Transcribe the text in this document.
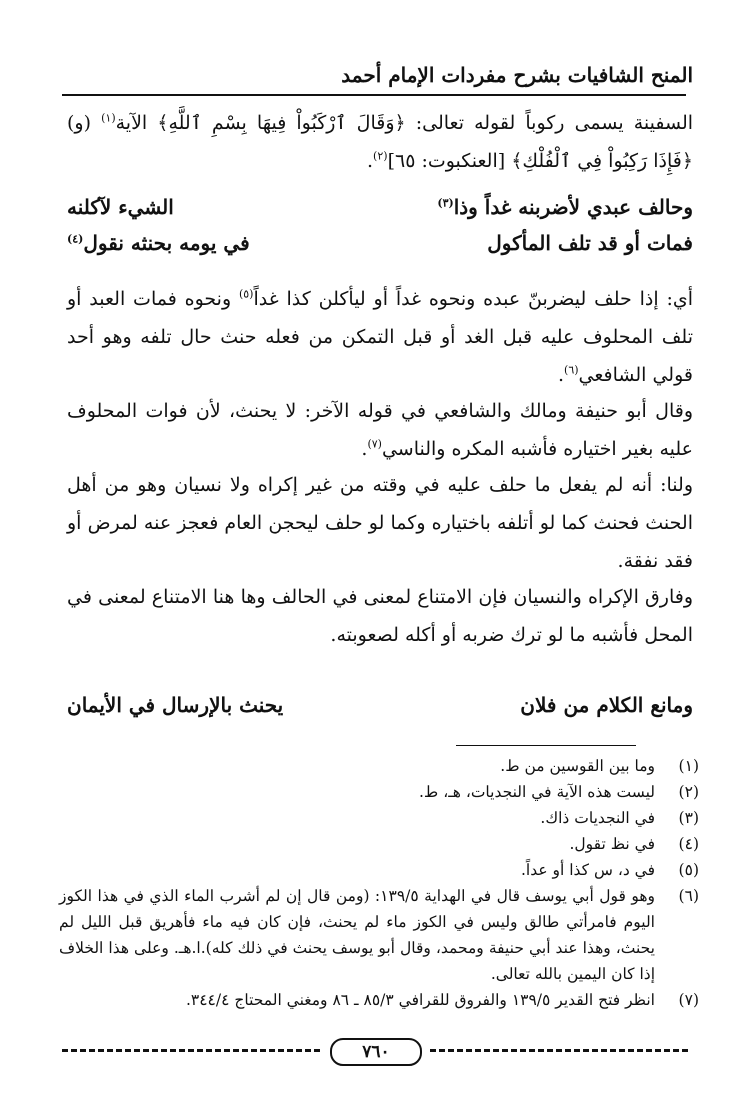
المنح الشافيات بشرح مفردات الإمام أحمد
السفينة يسمى ركوباً لقوله تعالى: ﴿وَقَالَ ٱرْكَبُواْ فِيهَا بِسْمِ ٱللَّهِ﴾ الآية$^{(١)}$ (و) ﴿فَإِذَا رَكِبُواْ فِي ٱلْفُلْكِ﴾ [العنكبوت: ٦٥]$^{(٢)}$.
وحالف عبدي لأضربنه غداً وذا$^{(٣)}$
الشيء لآكلنه
فمات أو قد تلف المأكول
في يومه بحنثه نقول$^{(٤)}$
أي: إذا حلف ليضربنّ عبده ونحوه غداً أو ليأكلن كذا غداً$^{(٥)}$ ونحوه فمات العبد أو تلف المحلوف عليه قبل الغد أو قبل التمكن من فعله حنث حال تلفه وهو أحد قولي الشافعي$^{(٦)}$.
وقال أبو حنيفة ومالك والشافعي في قوله الآخر: لا يحنث، لأن فوات المحلوف عليه بغير اختياره فأشبه المكره والناسي$^{(٧)}$.
ولنا: أنه لم يفعل ما حلف عليه في وقته من غير إكراه ولا نسيان وهو من أهل الحنث فحنث كما لو أتلفه باختياره وكما لو حلف ليحجن العام فعجز عنه لمرض أو فقد نفقة.
وفارق الإكراه والنسيان فإن الامتناع لمعنى في الحالف وها هنا الامتناع لمعنى في المحل فأشبه ما لو ترك ضربه أو أكله لصعوبته.
ومانع الكلام من فلان
يحنث بالإرسال في الأيمان
(١)
وما بين القوسين من ط.
(٢)
ليست هذه الآية في النجديات، هـ، ط.
(٣)
في النجديات ذاك.
(٤)
في نظ تقول.
(٥)
في د، س كذا أو عداً.
(٦)
وهو قول أبي يوسف قال في الهداية ١٣٩/٥: (ومن قال إن لم أشرب الماء الذي في هذا الكوز اليوم فامرأتي طالق وليس في الكوز ماء لم يحنث، فإن كان فيه ماء فأهريق قبل الليل لم يحنث، وهذا عند أبي حنيفة ومحمد، وقال أبو يوسف يحنث في ذلك كله).ا.هـ. وعلى هذا الخلاف إذا كان اليمين بالله تعالى.
(٧)
انظر فتح القدير ١٣٩/٥ والفروق للقرافي ٨٥/٣ ـ ٨٦ ومغني المحتاج ٣٤٤/٤.
٧٦٠
